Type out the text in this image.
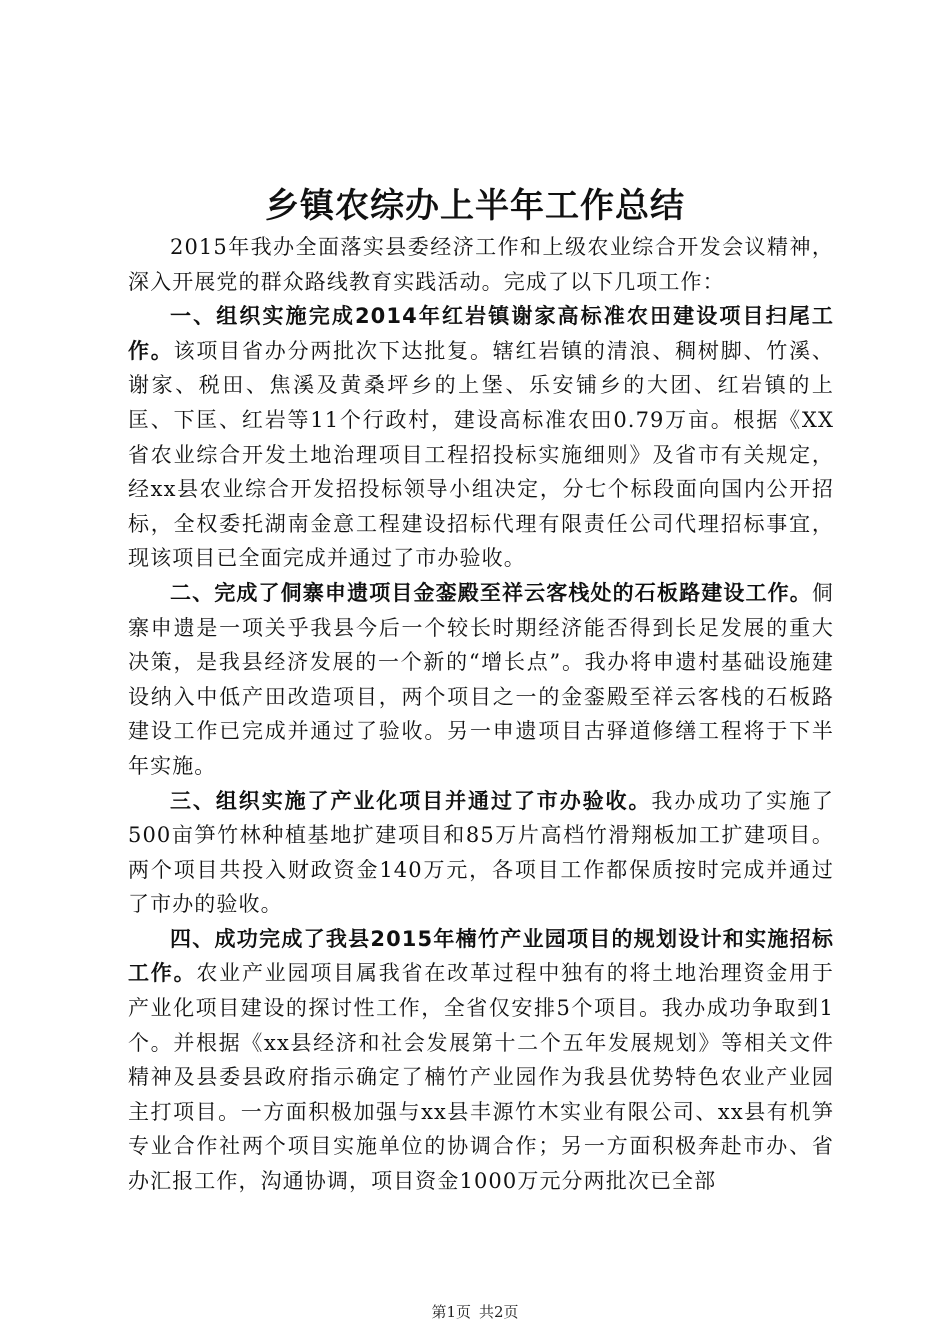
乡镇农综办上半年工作总结

2015年我办全面落实县委经济工作和上级农业综合开发会议精神，深入开展党的群众路线教育实践活动。完成了以下几项工作：

一、组织实施完成2014年红岩镇谢家高标准农田建设项目扫尾工作。该项目省办分两批次下达批复。辖红岩镇的清浪、稠树脚、竹溪、谢家、税田、焦溪及黄桑坪乡的上堡、乐安铺乡的大团、红岩镇的上匡、下匡、红岩等11个行政村，建设高标准农田0.79万亩。根据《XX省农业综合开发土地治理项目工程招投标实施细则》及省市有关规定，经xx县农业综合开发招投标领导小组决定，分七个标段面向国内公开招标，全权委托湖南金意工程建设招标代理有限责任公司代理招标事宜，现该项目已全面完成并通过了市办验收。

二、完成了侗寨申遗项目金銮殿至祥云客栈处的石板路建设工作。侗寨申遗是一项关乎我县今后一个较长时期经济能否得到长足发展的重大决策，是我县经济发展的一个新的“增长点”。我办将申遗村基础设施建设纳入中低产田改造项目，两个项目之一的金銮殿至祥云客栈的石板路建设工作已完成并通过了验收。另一申遗项目古驿道修缮工程将于下半年实施。

三、组织实施了产业化项目并通过了市办验收。我办成功了实施了500亩笋竹林种植基地扩建项目和85万片高档竹滑翔板加工扩建项目。两个项目共投入财政资金140万元，各项目工作都保质按时完成并通过了市办的验收。

四、成功完成了我县2015年楠竹产业园项目的规划设计和实施招标工作。农业产业园项目属我省在改革过程中独有的将土地治理资金用于产业化项目建设的探讨性工作，全省仅安排5个项目。我办成功争取到1个。并根据《xx县经济和社会发展第十二个五年发展规划》等相关文件精神及县委县政府指示确定了楠竹产业园作为我县优势特色农业产业园主打项目。一方面积极加强与xx县丰源竹木实业有限公司、xx县有机笋专业合作社两个项目实施单位的协调合作；另一方面积极奔赴市办、省办汇报工作，沟通协调，项目资金1000万元分两批次已全部

第1页 共2页
